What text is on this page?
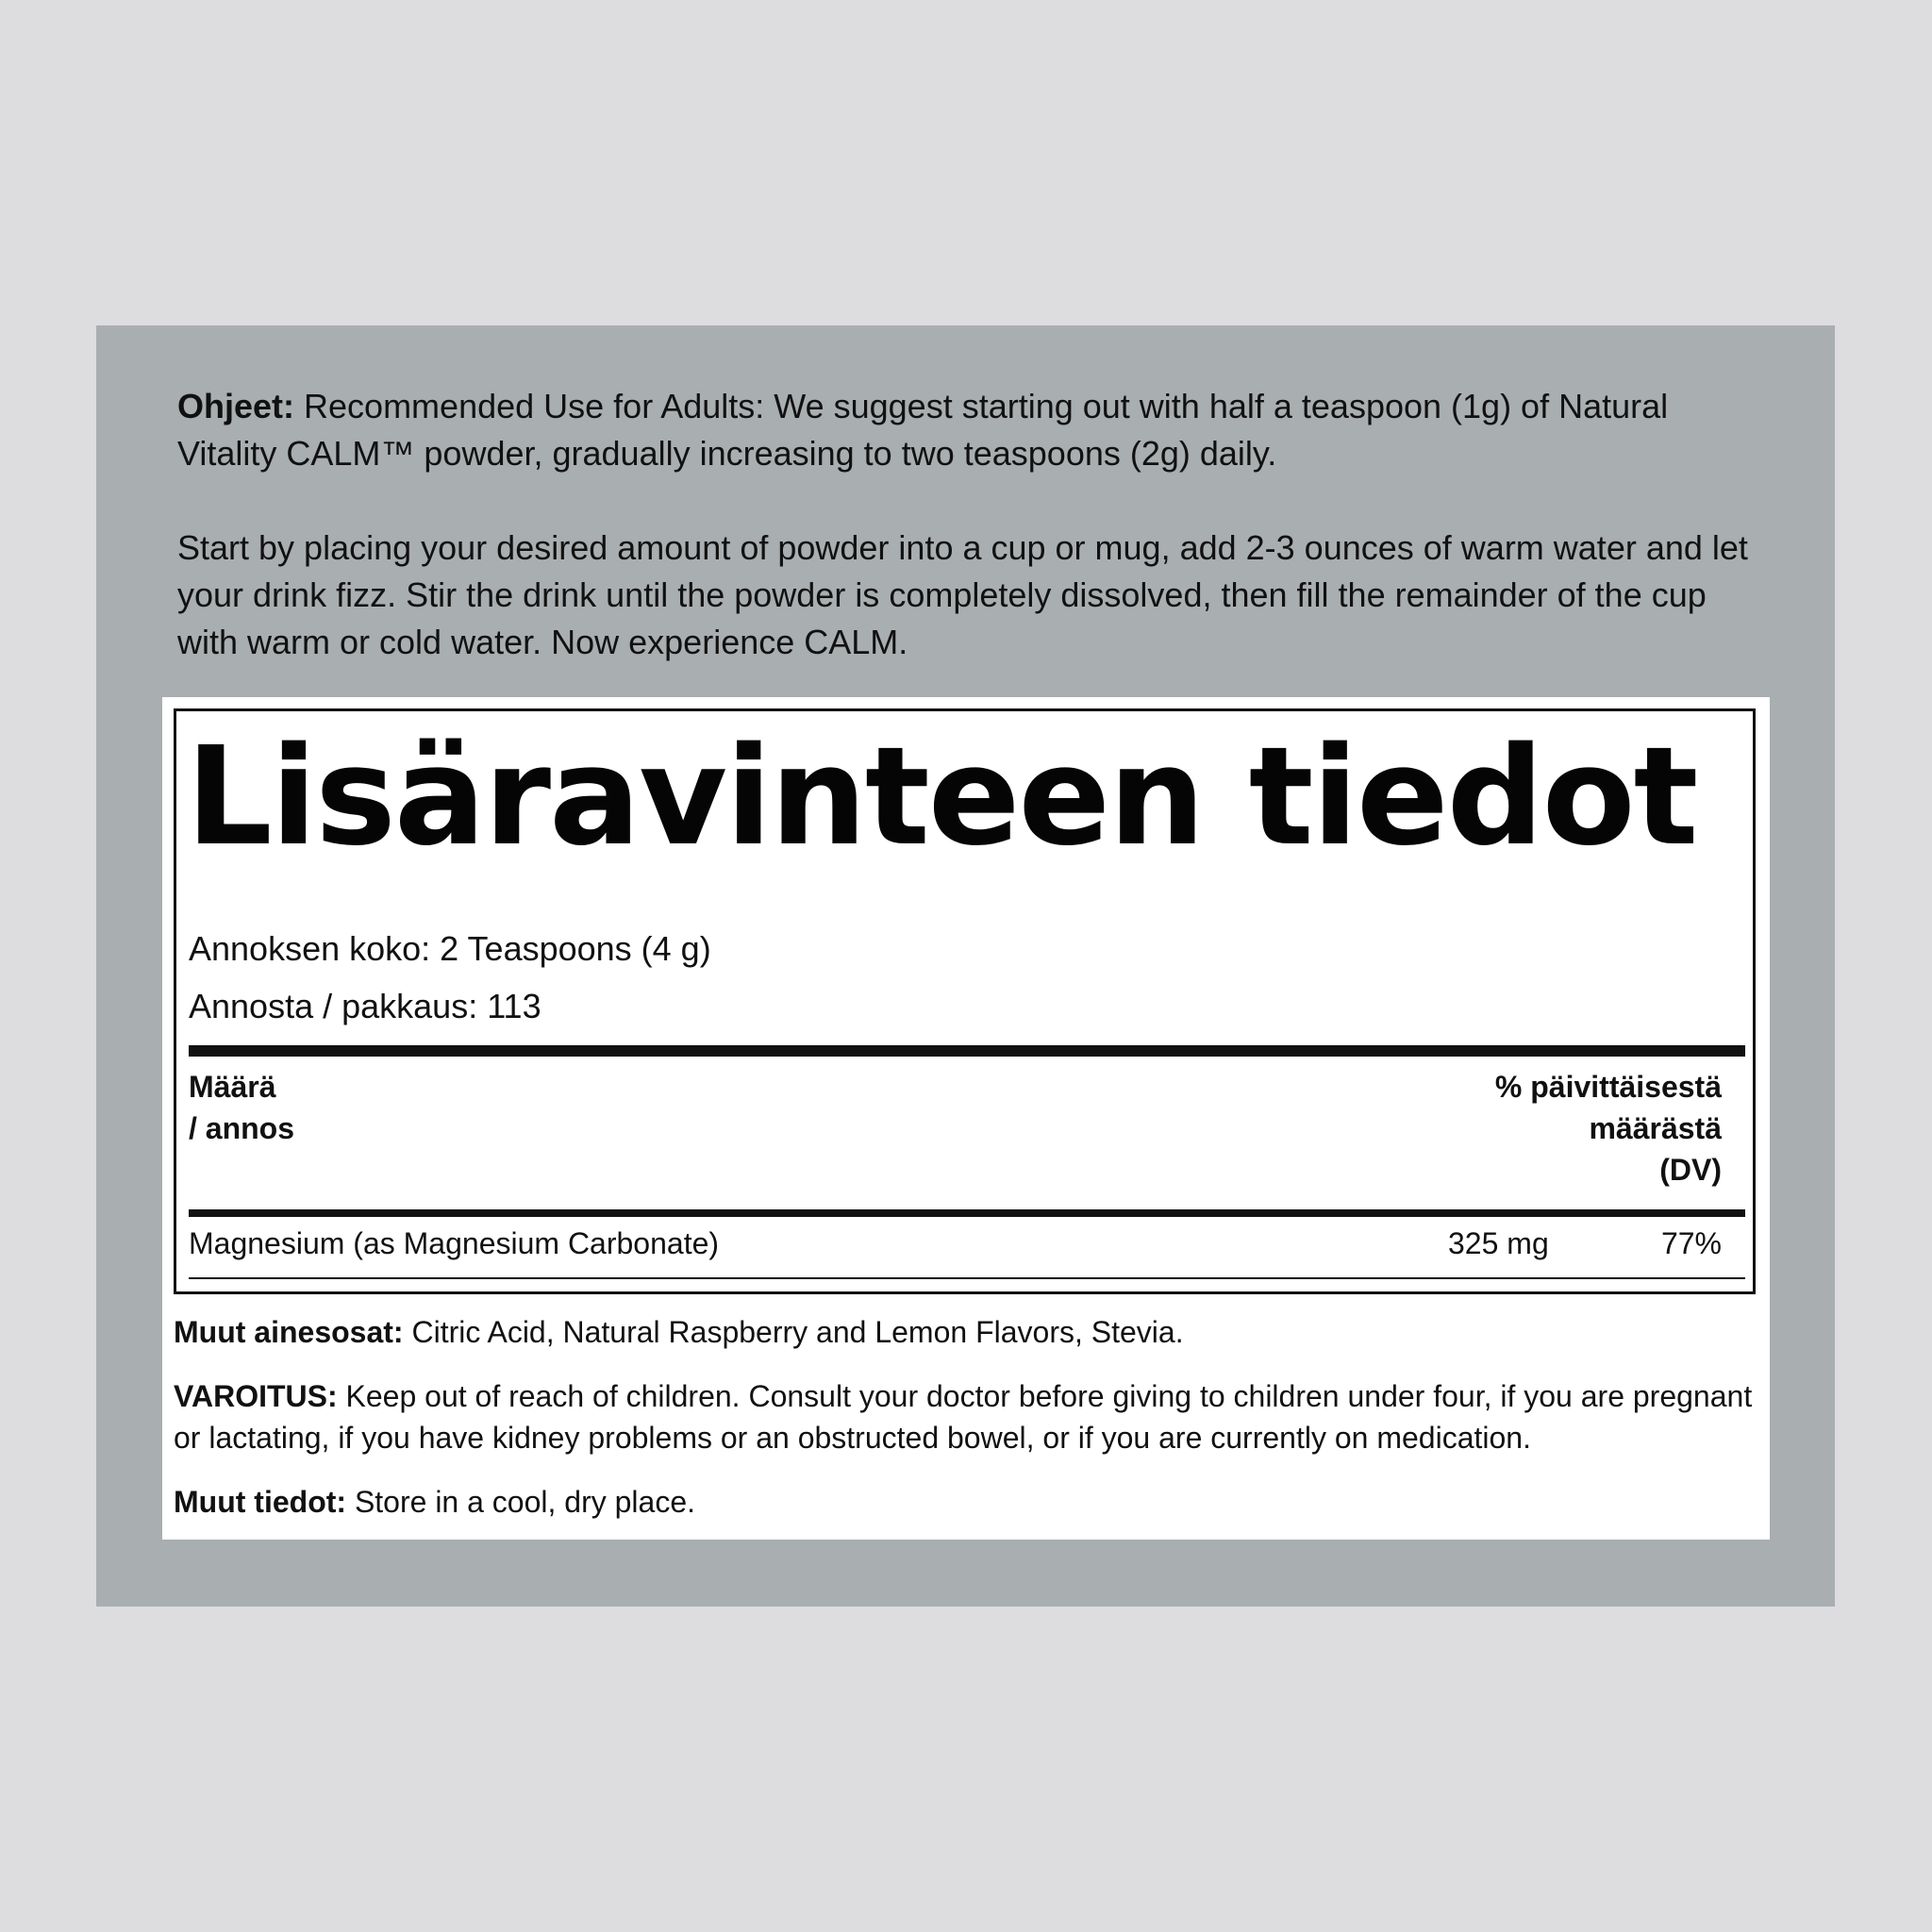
Ohjeet: Recommended Use for Adults: We suggest starting out with half a teaspoon (1g) of Natural Vitality CALM™ powder, gradually increasing to two teaspoons (2g) daily.

Start by placing your desired amount of powder into a cup or mug, add 2-3 ounces of warm water and let your drink fizz. Stir the drink until the powder is completely dissolved, then fill the remainder of the cup with warm or cold water. Now experience CALM.

Lisäravinteen tiedot
Annoksen koko: 2 Teaspoons (4 g)
Annosta / pakkaus: 113
Määrä
/ annos
% päivittäisestä
määrästä
(DV)
Magnesium (as Magnesium Carbonate)	325 mg	77%
Muut ainesosat: Citric Acid, Natural Raspberry and Lemon Flavors, Stevia.
VAROITUS: Keep out of reach of children. Consult your doctor before giving to children under four, if you are pregnant or lactating, if you have kidney problems or an obstructed bowel, or if you are currently on medication.
Muut tiedot: Store in a cool, dry place.
